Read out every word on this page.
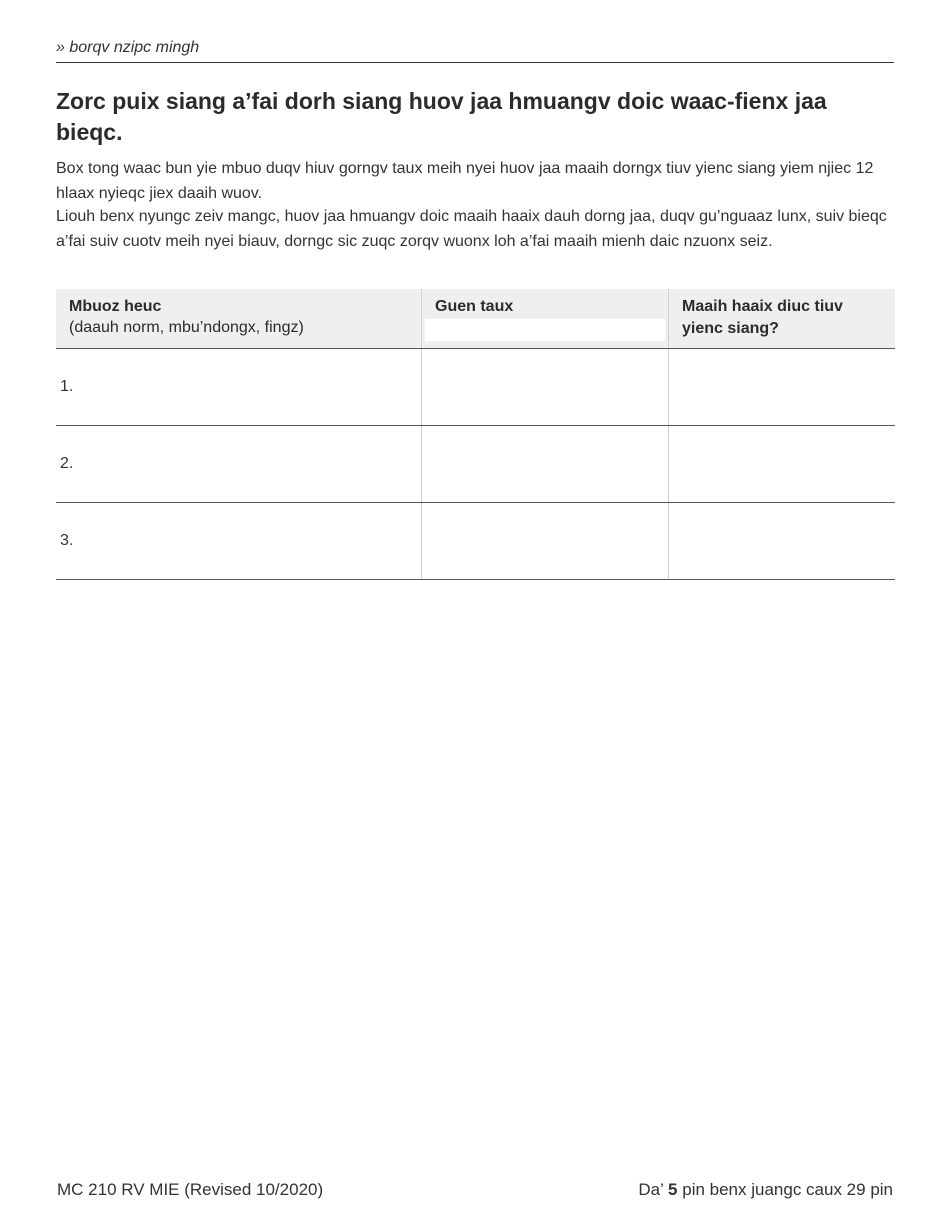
» borqv nzipc mingh
Zorc puix siang a’fai dorh siang huov jaa hmuangv doic waac-fienx jaa bieqc.

Box tong waac bun yie mbuo duqv hiuv gorngv taux meih nyei huov jaa maaih dorngx tiuv yienc siang yiem njiec 12 hlaax nyieqc jiex daaih wuov.

Liouh benx nyungc zeiv mangc, huov jaa hmuangv doic maaih haaix dauh dorng jaa, duqv gu’nguaaz lunx, suiv bieqc a’fai suiv cuotv meih nyei biauv, dorngc sic zuqc zorqv wuonx loh a’fai maaih mienh daic nzuonx seiz.

Mbuoz heuc
(daauh norm, mbu’ndongx, fingz)	Guen taux	Maaih haaix diuc tiuv yienc siang?
1.		
2.		
3.		
MC 210 RV MIE (Revised 10/2020)	Da’ 5 pin benx juangc caux 29 pin
